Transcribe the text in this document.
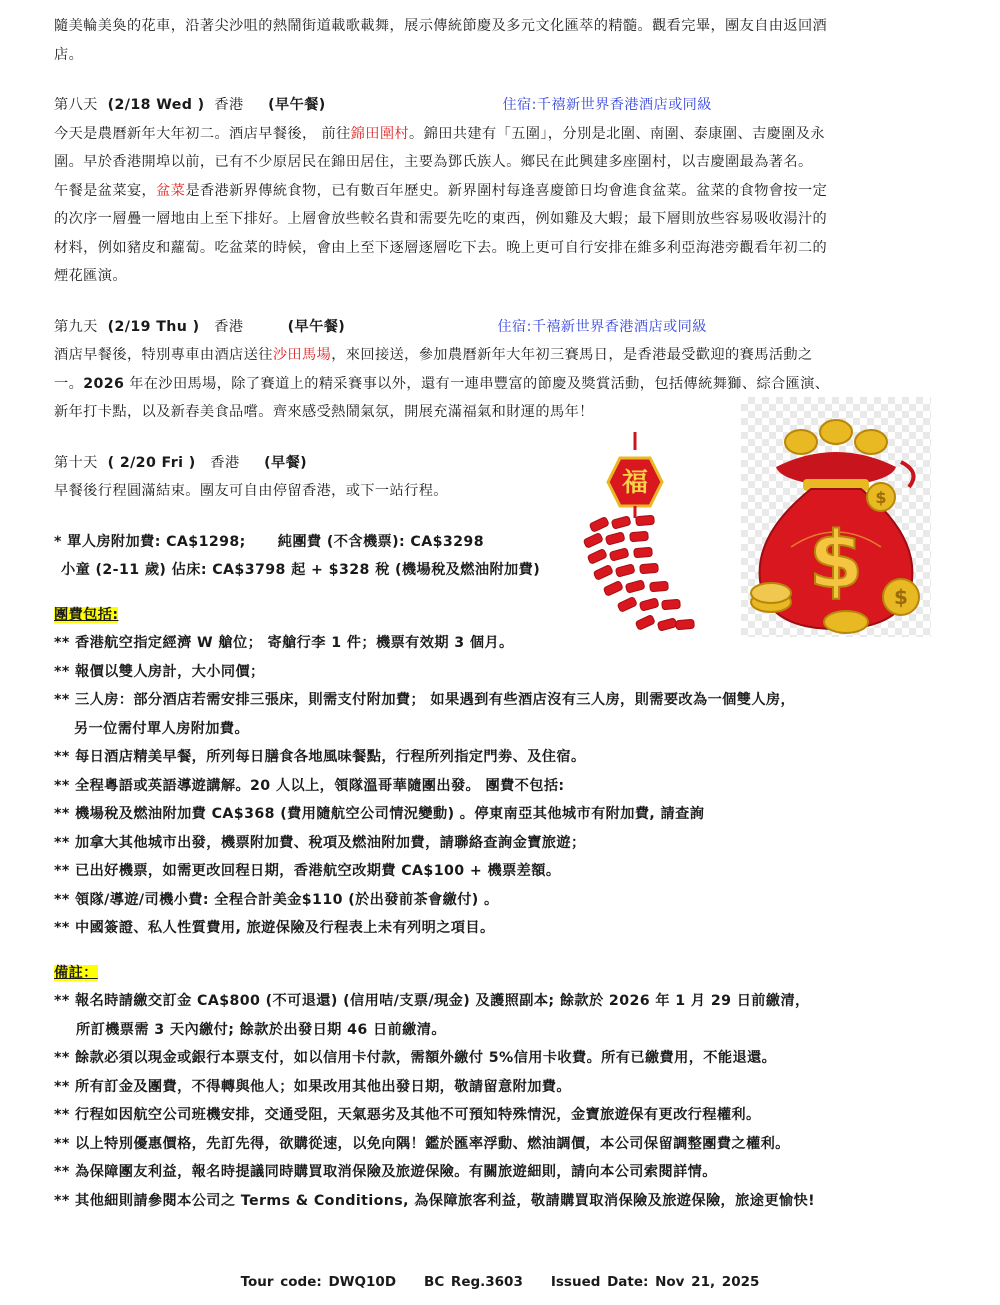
隨美輪美奐的花車，沿著尖沙咀的熱鬧街道載歌載舞，展示傳統節慶及多元文化匯萃的精髓。觀看完畢，團友自由返回酒

店。

第八天 (2/18 Wed ) 香港 (早午餐)	住宿:千禧新世界香港酒店或同級

今天是農曆新年大年初二。酒店早餐後， 前往錦田圍村。錦田共建有「五圍」，分別是北圍、南圍、泰康圍、吉慶圍及永

圍。早於香港開埠以前，已有不少原居民在錦田居住，主要為鄧氏族人。鄉民在此興建多座圍村，以吉慶圍最為著名。

午餐是盆菜宴，盆菜是香港新界傳統食物，已有數百年歷史。新界圍村每逢喜慶節日均會進食盆菜。盆菜的食物會按一定

的次序一層疊一層地由上至下排好。上層會放些較名貴和需要先吃的東西，例如雞及大蝦；最下層則放些容易吸收湯汁的

材料，例如豬皮和蘿蔔。吃盆菜的時候，會由上至下逐層逐層吃下去。晚上更可自行安排在維多利亞海港旁觀看年初二的

煙花匯演。

第九天 (2/19 Thu ) 香港	(早午餐)	住宿:千禧新世界香港酒店或同級

酒店早餐後，特別專車由酒店送往沙田馬場，來回接送，參加農曆新年大年初三賽馬日，是香港最受歡迎的賽馬活動之

一。2026 年在沙田馬場，除了賽道上的精采賽事以外，還有一連串豐富的節慶及獎賞活動，包括傳統舞獅、綜合匯演、

新年打卡點，以及新春美食品嚐。齊來感受熱鬧氣氛，開展充滿福氣和財運的馬年！

第十天 ( 2/20 Fri ) 香港 (早餐)

早餐後行程圓滿結束。團友可自由停留香港，或下一站行程。

* 單人房附加費: CA$1298; 純團費 (不含機票): CA$3298

小童 (2-11 歲) 佔床: CA$3798 起 + $328 稅 (機場稅及燃油附加費)

團費包括:

** 香港航空指定經濟 W 艙位； 寄艙行李 1 件；機票有效期 3 個月。

** 報價以雙人房計，大小同價；

** 三人房：部分酒店若需安排三張床，則需支付附加費； 如果遇到有些酒店沒有三人房，則需要改為一個雙人房，

另一位需付單人房附加費。

** 每日酒店精美早餐，所列每日膳食各地風味餐點，行程所列指定門劵、及住宿。

** 全程粵語或英語導遊講解。20 人以上，領隊溫哥華隨團出發。 團費不包括:

** 機場稅及燃油附加費 CA$368 (費用隨航空公司情況變動) 。停東南亞其他城市有附加費, 請查詢

** 加拿大其他城市出發，機票附加費、稅項及燃油附加費，請聯絡查詢金寶旅遊；

** 已出好機票，如需更改回程日期，香港航空改期費 CA$100 + 機票差額。

** 領隊/導遊/司機小費: 全程合計美金$110 (於出發前茶會繳付) 。

** 中國簽證、私人性質費用, 旅遊保險及行程表上未有列明之項目。

備註：

** 報名時請繳交訂金 CA$800 (不可退還) (信用咭/支票/現金) 及護照副本; 餘款於 2026 年 1 月 29 日前繳清，

所訂機票需 3 天內繳付; 餘款於出發日期 46 日前繳清。

** 餘款必須以現金或銀行本票支付，如以信用卡付款，需額外繳付 5%信用卡收費。所有已繳費用，不能退還。

** 所有訂金及團費，不得轉與他人；如果改用其他出發日期，敬請留意附加費。

** 行程如因航空公司班機安排，交通受阻，天氣惡劣及其他不可預知特殊情況，金寶旅遊保有更改行程權利。

** 以上特別優惠價格，先訂先得，欲購從速，以免向隅！鑑於匯率浮動、燃油調價，本公司保留調整團費之權利。

** 為保障團友利益，報名時提議同時購買取消保險及旅遊保險。有關旅遊細則，請向本公司索閱詳情。

** 其他細則請參閱本公司之 Terms & Conditions, 為保障旅客利益，敬請購買取消保險及旅遊保險，旅途更愉快!

福
$ $
$
Tour code: DWQ10D BC Reg.3603 Issued Date: Nov 21, 2025
